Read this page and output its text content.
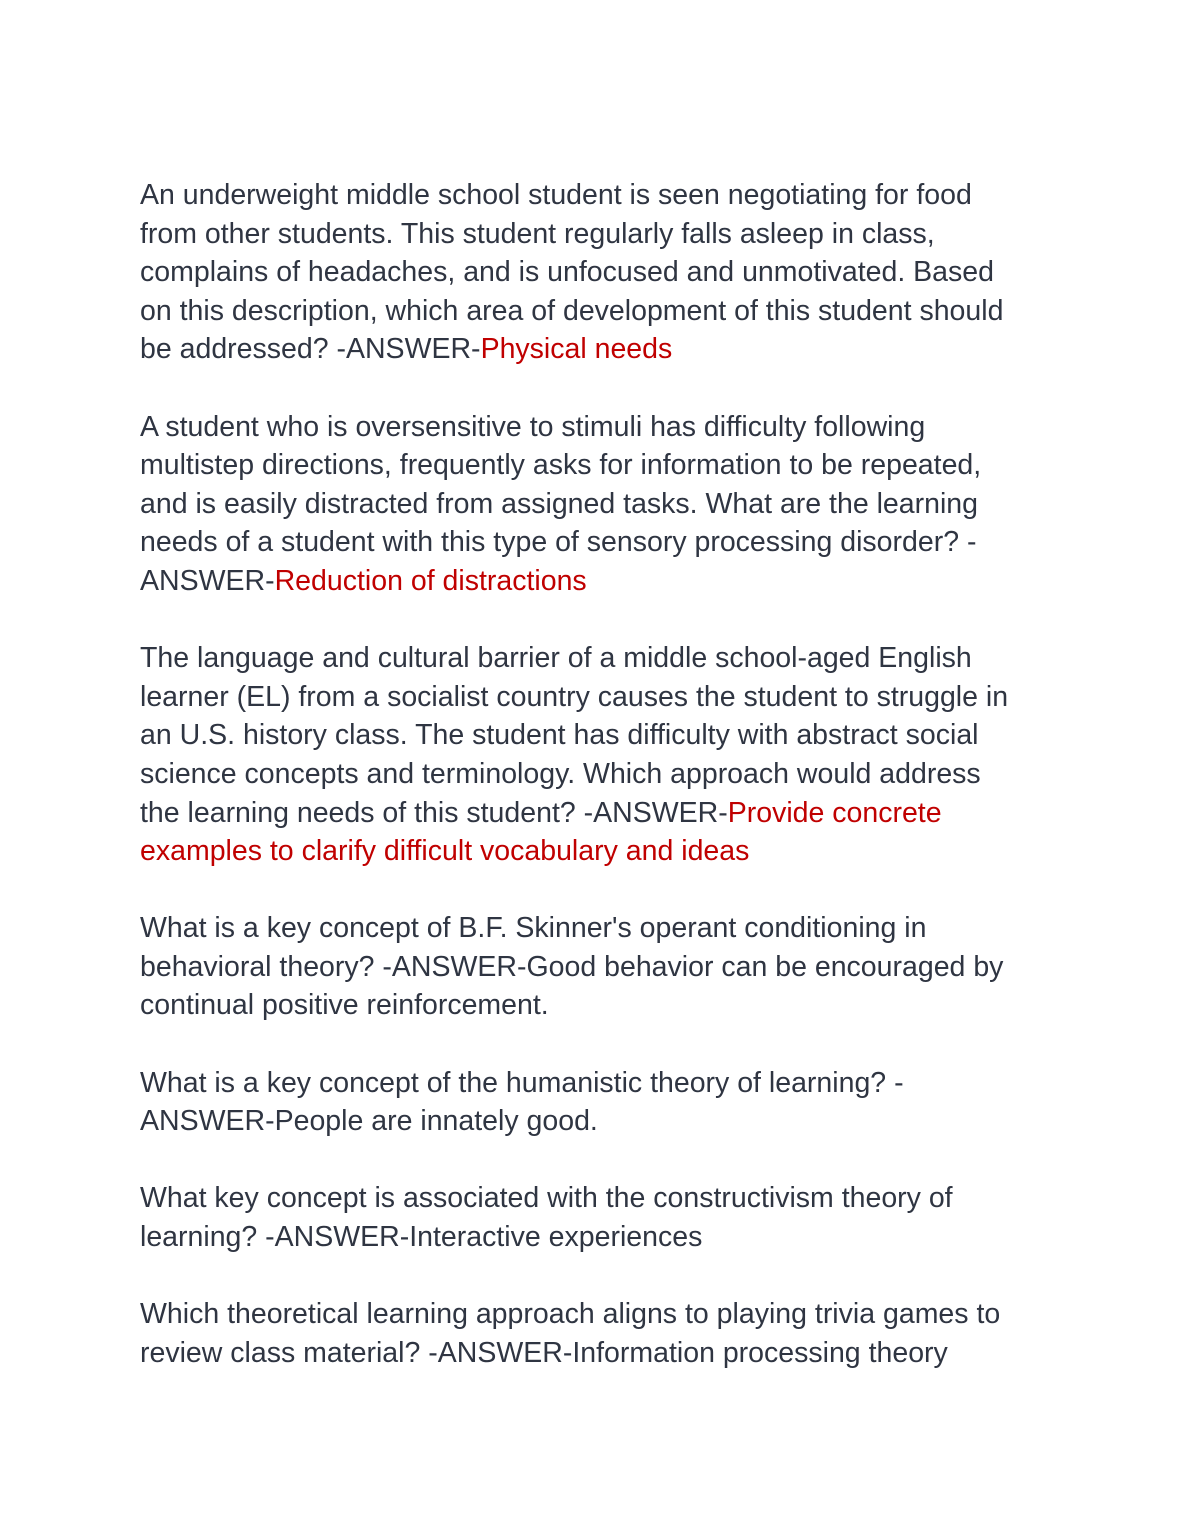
An underweight middle school student is seen negotiating for food
from other students. This student regularly falls asleep in class,
complains of headaches, and is unfocused and unmotivated. Based
on this description, which area of development of this student should
be addressed? -ANSWER-Physical needs

A student who is oversensitive to stimuli has difficulty following
multistep directions, frequently asks for information to be repeated,
and is easily distracted from assigned tasks. What are the learning
needs of a student with this type of sensory processing disorder? -
ANSWER-Reduction of distractions

The language and cultural barrier of a middle school-aged English
learner (EL) from a socialist country causes the student to struggle in
an U.S. history class. The student has difficulty with abstract social
science concepts and terminology. Which approach would address
the learning needs of this student? -ANSWER-Provide concrete
examples to clarify difficult vocabulary and ideas

What is a key concept of B.F. Skinner's operant conditioning in
behavioral theory? -ANSWER-Good behavior can be encouraged by
continual positive reinforcement.

What is a key concept of the humanistic theory of learning? -
ANSWER-People are innately good.

What key concept is associated with the constructivism theory of
learning? -ANSWER-Interactive experiences

Which theoretical learning approach aligns to playing trivia games to
review class material? -ANSWER-Information processing theory
